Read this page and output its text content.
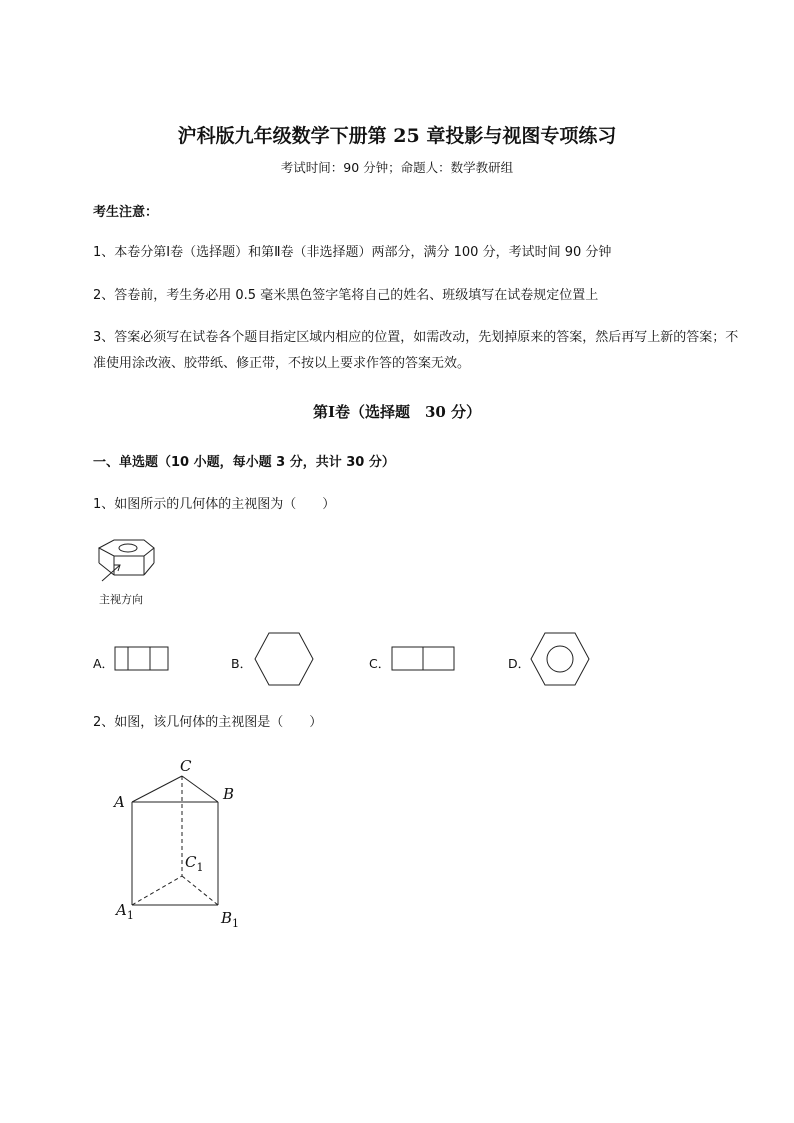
沪科版九年级数学下册第 25 章投影与视图专项练习
考试时间：90 分钟；命题人：数学教研组
考生注意：
1、本卷分第Ⅰ卷（选择题）和第Ⅱ卷（非选择题）两部分，满分 100 分，考试时间 90 分钟
2、答卷前，考生务必用 0.5 毫米黑色签字笔将自己的姓名、班级填写在试卷规定位置上
3、答案必须写在试卷各个题目指定区域内相应的位置，如需改动，先划掉原来的答案，然后再写上新的答案；不准使用涂改液、胶带纸、修正带，不按以上要求作答的答案无效。
第Ⅰ卷（选择题　30 分）
一、单选题（10 小题，每小题 3 分，共计 30 分）
1、如图所示的几何体的主视图为（　　）
主视方向
A．	B．	C．	D．
2、如图，该几何体的主视图是（　　）
C
A	B
$C_1$
$A_1$	$B_1$
